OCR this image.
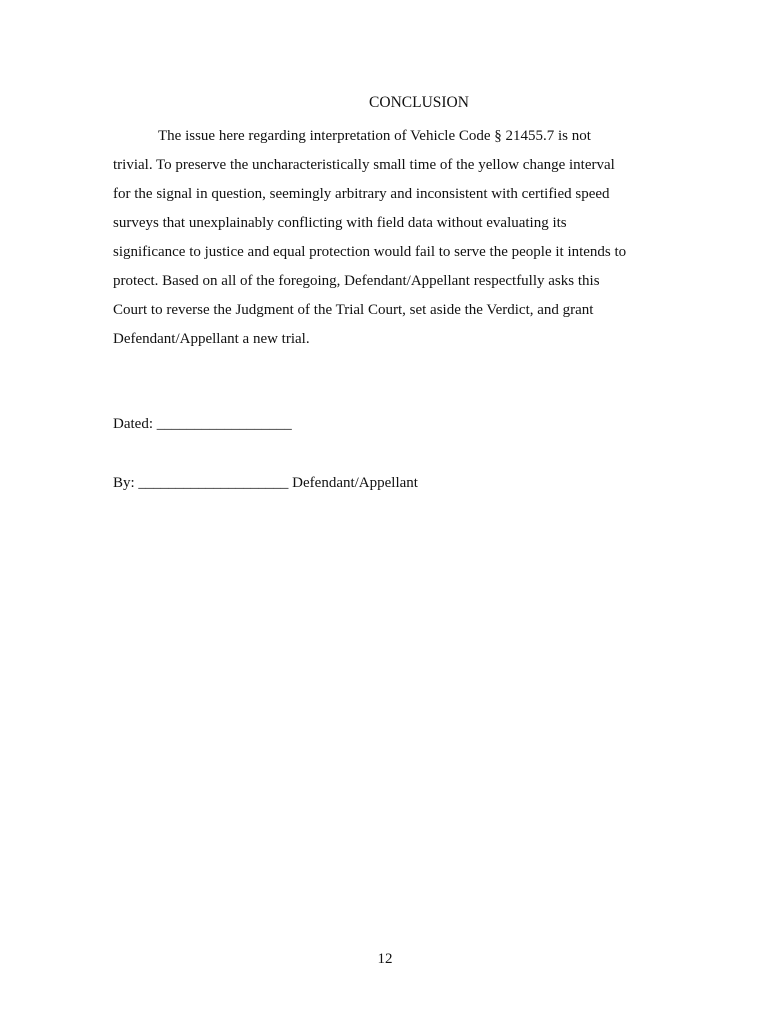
CONCLUSION
The issue here regarding interpretation of Vehicle Code § 21455.7 is not
trivial. To preserve the uncharacteristically small time of the yellow change interval
for the signal in question, seemingly arbitrary and inconsistent with certified speed
surveys that unexplainably conflicting with field data without evaluating its
significance to justice and equal protection would fail to serve the people it intends to
protect. Based on all of the foregoing, Defendant/Appellant respectfully asks this
Court to reverse the Judgment of the Trial Court, set aside the Verdict, and grant
Defendant/Appellant a new trial.
Dated: __________________
By: ____________________ Defendant/Appellant
12
